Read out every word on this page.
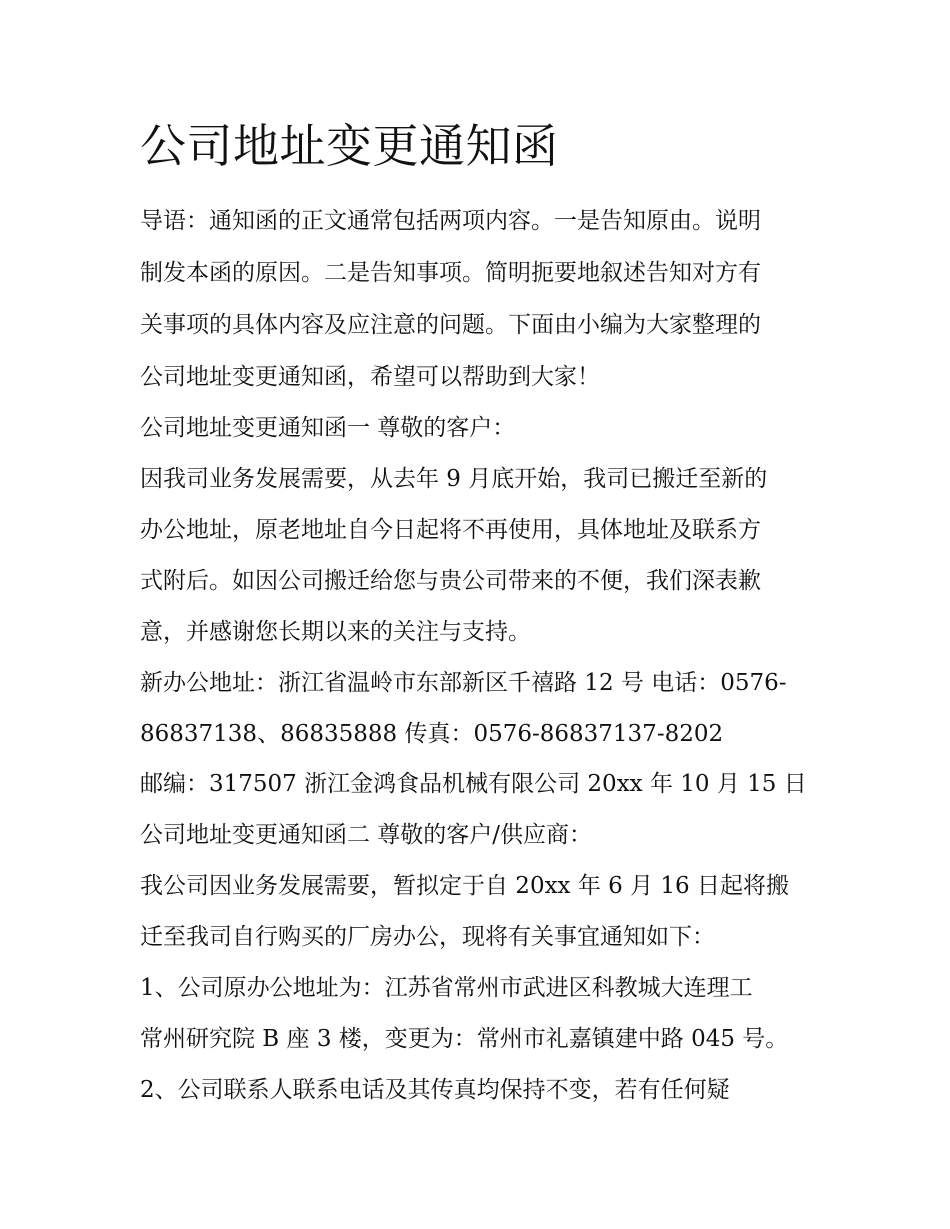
公司地址变更通知函

导语：通知函的正文通常包括两项内容。一是告知原由。说明

制发本函的原因。二是告知事项。简明扼要地叙述告知对方有

关事项的具体内容及应注意的问题。下面由小编为大家整理的

公司地址变更通知函，希望可以帮助到大家！

公司地址变更通知函一 尊敬的客户：

因我司业务发展需要，从去年 9 月底开始，我司已搬迁至新的

办公地址，原老地址自今日起将不再使用，具体地址及联系方

式附后。如因公司搬迁给您与贵公司带来的不便，我们深表歉

意，并感谢您长期以来的关注与支持。

新办公地址：浙江省温岭市东部新区千禧路 12 号 电话：0576-

86837138、86835888 传真：0576-86837137-8202

邮编：317507 浙江金鸿食品机械有限公司 20xx 年 10 月 15 日

公司地址变更通知函二 尊敬的客户/供应商：

我公司因业务发展需要，暂拟定于自 20xx 年 6 月 16 日起将搬

迁至我司自行购买的厂房办公，现将有关事宜通知如下：

1、公司原办公地址为：江苏省常州市武进区科教城大连理工

常州研究院 B 座 3 楼，变更为：常州市礼嘉镇建中路 045 号。

2、公司联系人联系电话及其传真均保持不变，若有任何疑
